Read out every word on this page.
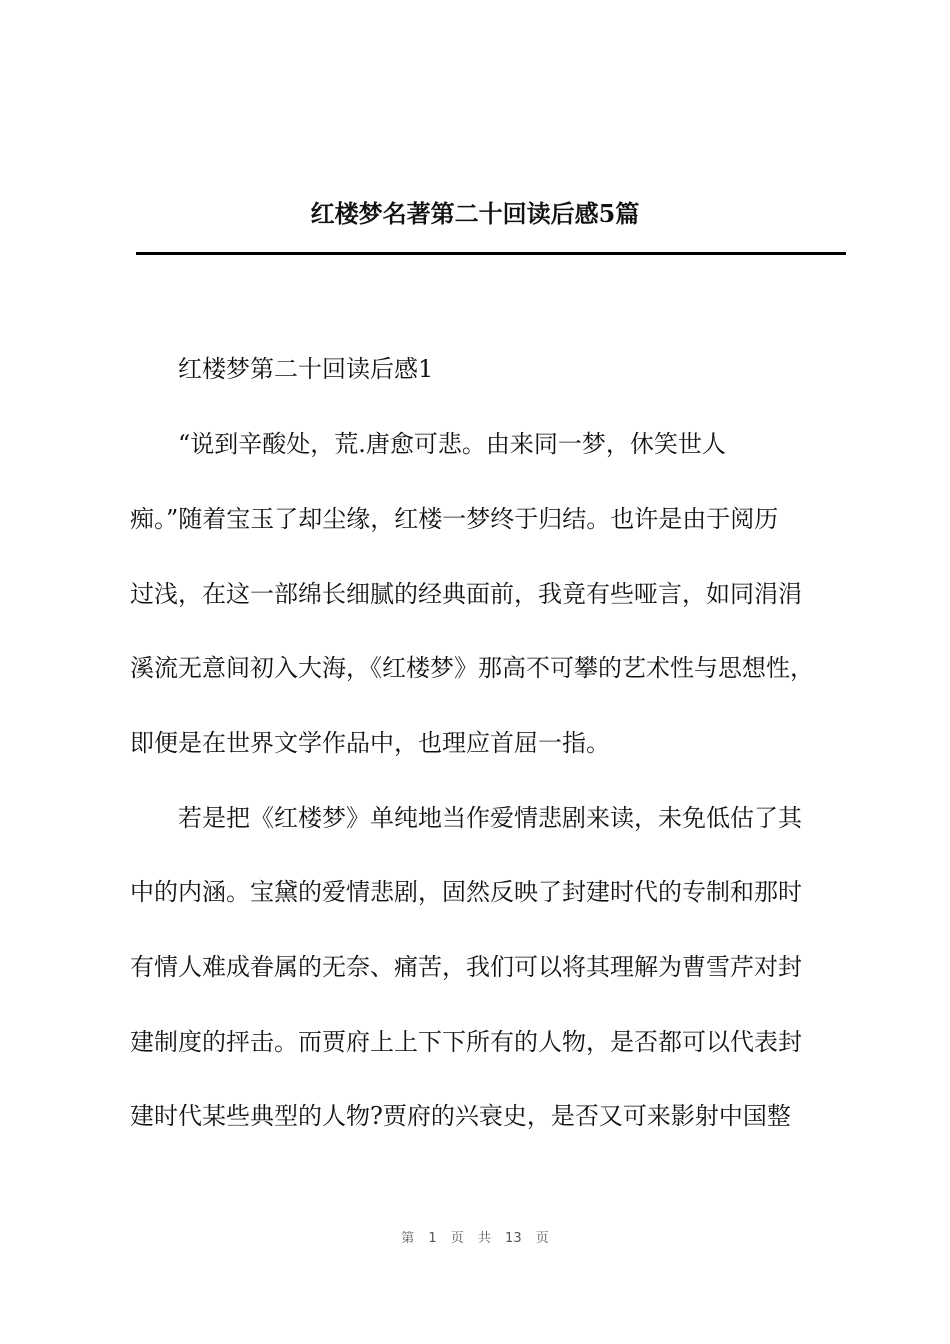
红楼梦名著第二十回读后感5篇
红楼梦第二十回读后感1
“说到辛酸处，荒.唐愈可悲。由来同一梦，休笑世人
痴。”随着宝玉了却尘缘，红楼一梦终于归结。也许是由于阅历
过浅，在这一部绵长细腻的经典面前，我竟有些哑言，如同涓涓
溪流无意间初入大海，《红楼梦》那高不可攀的艺术性与思想性，
即便是在世界文学作品中，也理应首屈一指。
若是把《红楼梦》单纯地当作爱情悲剧来读，未免低估了其
中的内涵。宝黛的爱情悲剧，固然反映了封建时代的专制和那时
有情人难成眷属的无奈、痛苦，我们可以将其理解为曹雪芹对封
建制度的抨击。而贾府上上下下所有的人物，是否都可以代表封
建时代某些典型的人物?贾府的兴衰史，是否又可来影射中国整
第 1 页 共 13 页
